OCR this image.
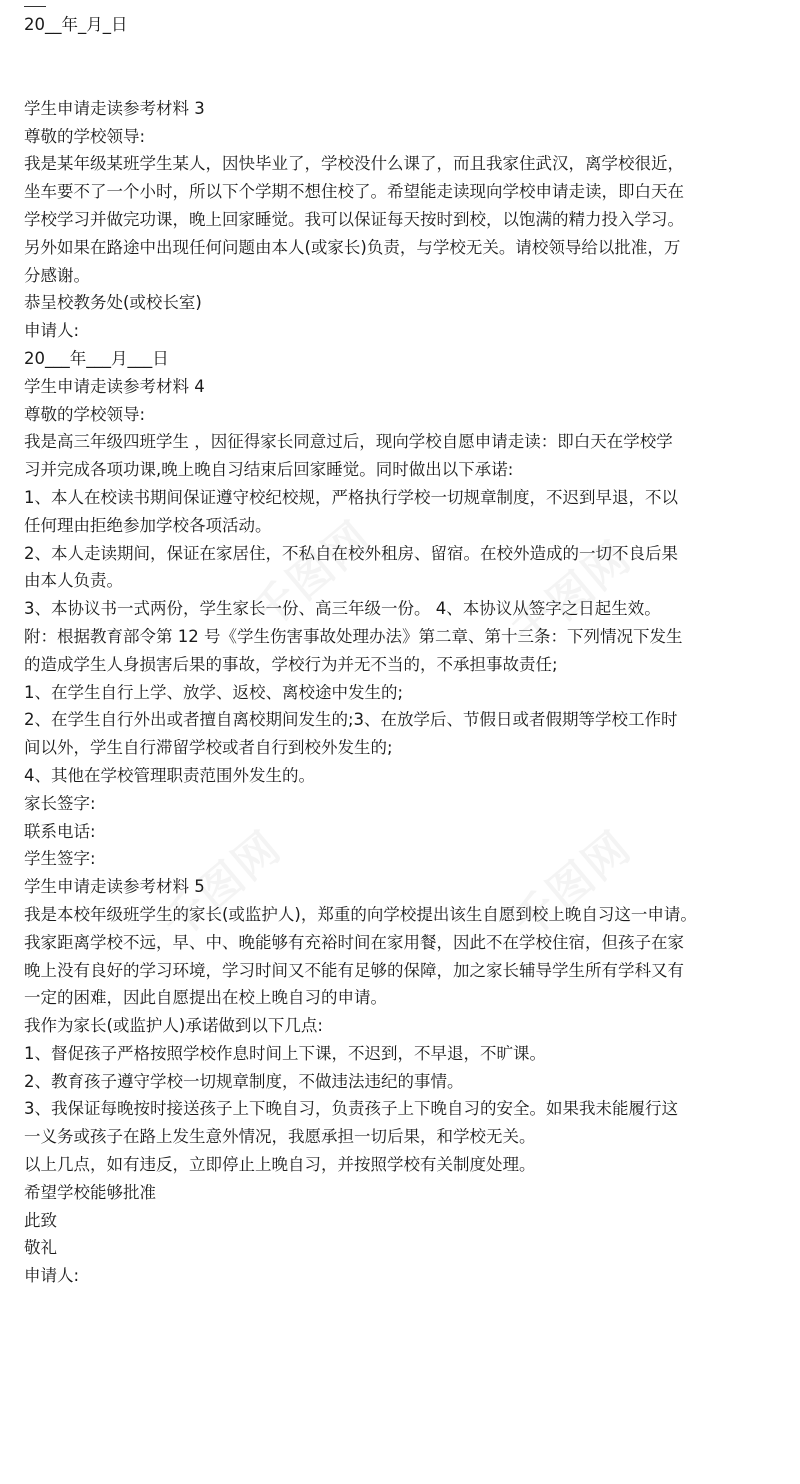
20__年_月_日

学生申请走读参考材料 3

尊敬的学校领导:

我是某年级某班学生某人，因快毕业了，学校没什么课了，而且我家住武汉，离学校很近，

坐车要不了一个小时，所以下个学期不想住校了。希望能走读现向学校申请走读，即白天在

学校学习并做完功课，晚上回家睡觉。我可以保证每天按时到校，以饱满的精力投入学习。

另外如果在路途中出现任何问题由本人(或家长)负责，与学校无关。请校领导给以批准，万

分感谢。

恭呈校教务处(或校长室)

申请人:

20___年___月___日

学生申请走读参考材料 4

尊敬的学校领导:

我是高三年级四班学生 ，因征得家长同意过后，现向学校自愿申请走读：即白天在学校学

习并完成各项功课,晚上晚自习结束后回家睡觉。同时做出以下承诺:

1、本人在校读书期间保证遵守校纪校规，严格执行学校一切规章制度，不迟到早退，不以

任何理由拒绝参加学校各项活动。

2、本人走读期间，保证在家居住，不私自在校外租房、留宿。在校外造成的一切不良后果

由本人负责。

3、本协议书一式两份，学生家长一份、高三年级一份。 4、本协议从签字之日起生效。

附：根据教育部令第 12 号《学生伤害事故处理办法》第二章、第十三条：下列情况下发生

的造成学生人身损害后果的事故，学校行为并无不当的，不承担事故责任;

1、在学生自行上学、放学、返校、离校途中发生的;

2、在学生自行外出或者擅自离校期间发生的;3、在放学后、节假日或者假期等学校工作时

间以外，学生自行滞留学校或者自行到校外发生的;

4、其他在学校管理职责范围外发生的。

家长签字:

联系电话:

学生签字:

学生申请走读参考材料 5

我是本校年级班学生的家长(或监护人)，郑重的向学校提出该生自愿到校上晚自习这一申请。

我家距离学校不远，早、中、晚能够有充裕时间在家用餐，因此不在学校住宿，但孩子在家

晚上没有良好的学习环境，学习时间又不能有足够的保障，加之家长辅导学生所有学科又有

一定的困难，因此自愿提出在校上晚自习的申请。

我作为家长(或监护人)承诺做到以下几点:

1、督促孩子严格按照学校作息时间上下课，不迟到，不早退，不旷课。

2、教育孩子遵守学校一切规章制度，不做违法违纪的事情。

3、我保证每晚按时接送孩子上下晚自习，负责孩子上下晚自习的安全。如果我未能履行这

一义务或孩子在路上发生意外情况，我愿承担一切后果，和学校无关。

以上几点，如有违反，立即停止上晚自习，并按照学校有关制度处理。

希望学校能够批准

此致

敬礼

申请人:
